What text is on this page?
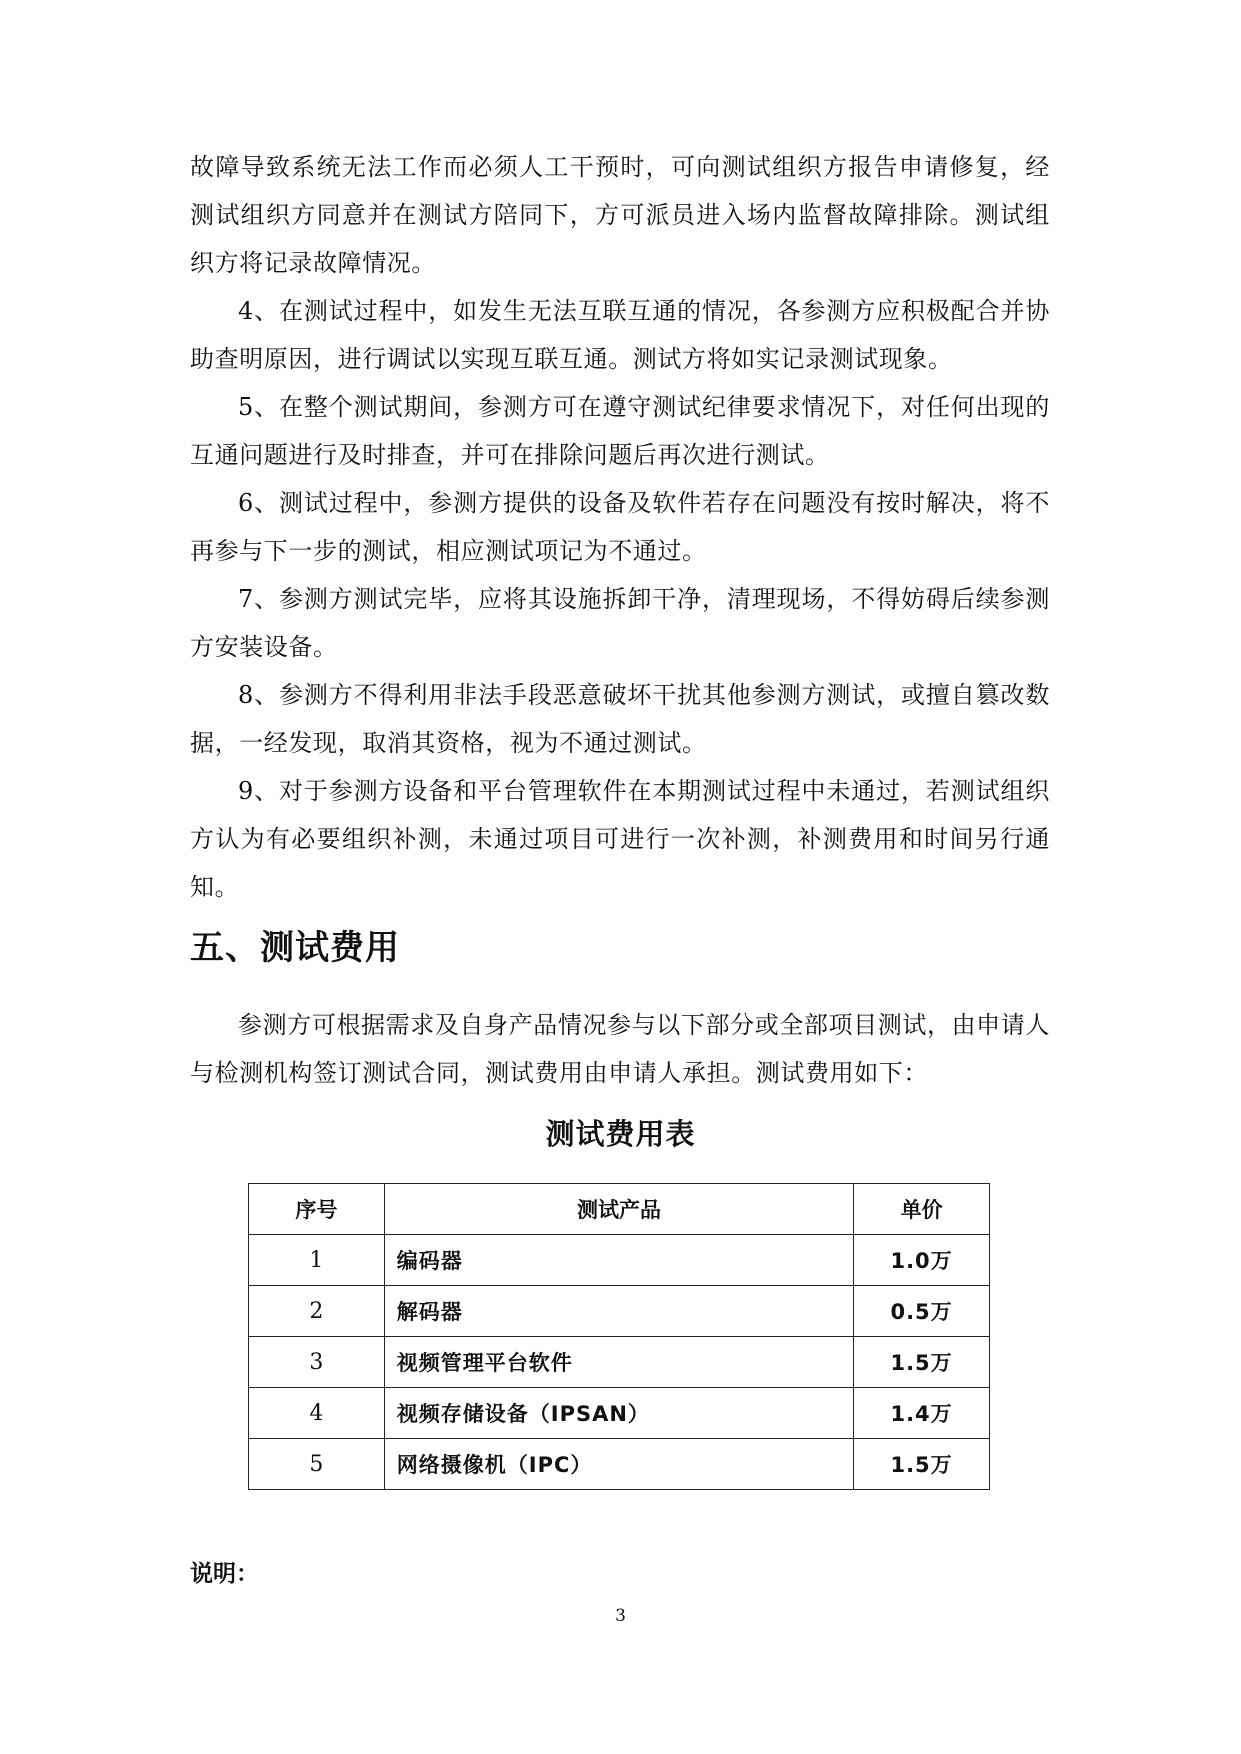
故障导致系统无法工作而必须人工干预时，可向测试组织方报告申请修复，经测试组织方同意并在测试方陪同下，方可派员进入场内监督故障排除。测试组织方将记录故障情况。

4、在测试过程中，如发生无法互联互通的情况，各参测方应积极配合并协助查明原因，进行调试以实现互联互通。测试方将如实记录测试现象。

5、在整个测试期间，参测方可在遵守测试纪律要求情况下，对任何出现的互通问题进行及时排查，并可在排除问题后再次进行测试。

6、测试过程中，参测方提供的设备及软件若存在问题没有按时解决，将不再参与下一步的测试，相应测试项记为不通过。

7、参测方测试完毕，应将其设施拆卸干净，清理现场，不得妨碍后续参测方安装设备。

8、参测方不得利用非法手段恶意破坏干扰其他参测方测试，或擅自篡改数据，一经发现，取消其资格，视为不通过测试。

9、对于参测方设备和平台管理软件在本期测试过程中未通过，若测试组织方认为有必要组织补测，未通过项目可进行一次补测，补测费用和时间另行通知。

五、测试费用

参测方可根据需求及自身产品情况参与以下部分或全部项目测试，由申请人与检测机构签订测试合同，测试费用由申请人承担。测试费用如下：

测试费用表
序号	测试产品	单价
1	编码器	1.0万
2	解码器	0.5万
3	视频管理平台软件	1.5万
4	视频存储设备（IPSAN）	1.4万
5	网络摄像机（IPC）	1.5万

说明：

3
